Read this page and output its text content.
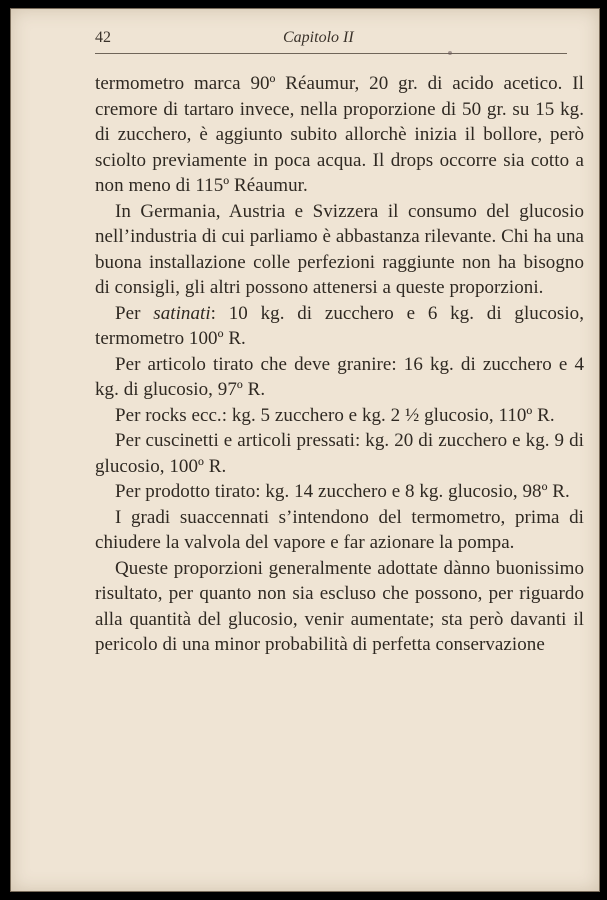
42	Capitolo II

termometro marca 90º Réaumur, 20 gr. di acido acetico. Il cremore di tartaro invece, nella proporzione di 50 gr. su 15 kg. di zucchero, è aggiunto subito allorchè inizia il bollore, però sciolto previamente in poca acqua. Il drops occorre sia cotto a non meno di 115º Réaumur.

In Germania, Austria e Svizzera il consumo del glucosio nell’industria di cui parliamo è abbastanza rilevante. Chi ha una buona installazione colle perfezioni raggiunte non ha bisogno di consigli, gli altri possono attenersi a queste proporzioni.

Per satinati: 10 kg. di zucchero e 6 kg. di glucosio, termometro 100º R.

Per articolo tirato che deve granire: 16 kg. di zucchero e 4 kg. di glucosio, 97º R.

Per rocks ecc.: kg. 5 zucchero e kg. 2 ½ glucosio, 110º R.

Per cuscinetti e articoli pressati: kg. 20 di zucchero e kg. 9 di glucosio, 100º R.

Per prodotto tirato: kg. 14 zucchero e 8 kg. glucosio, 98º R.

I gradi suaccennati s’intendono del termometro, prima di chiudere la valvola del vapore e far azionare la pompa.

Queste proporzioni generalmente adottate dànno buonissimo risultato, per quanto non sia escluso che possono, per riguardo alla quantità del glucosio, venir aumentate; sta però davanti il pericolo di una minor probabilità di perfetta conservazione
